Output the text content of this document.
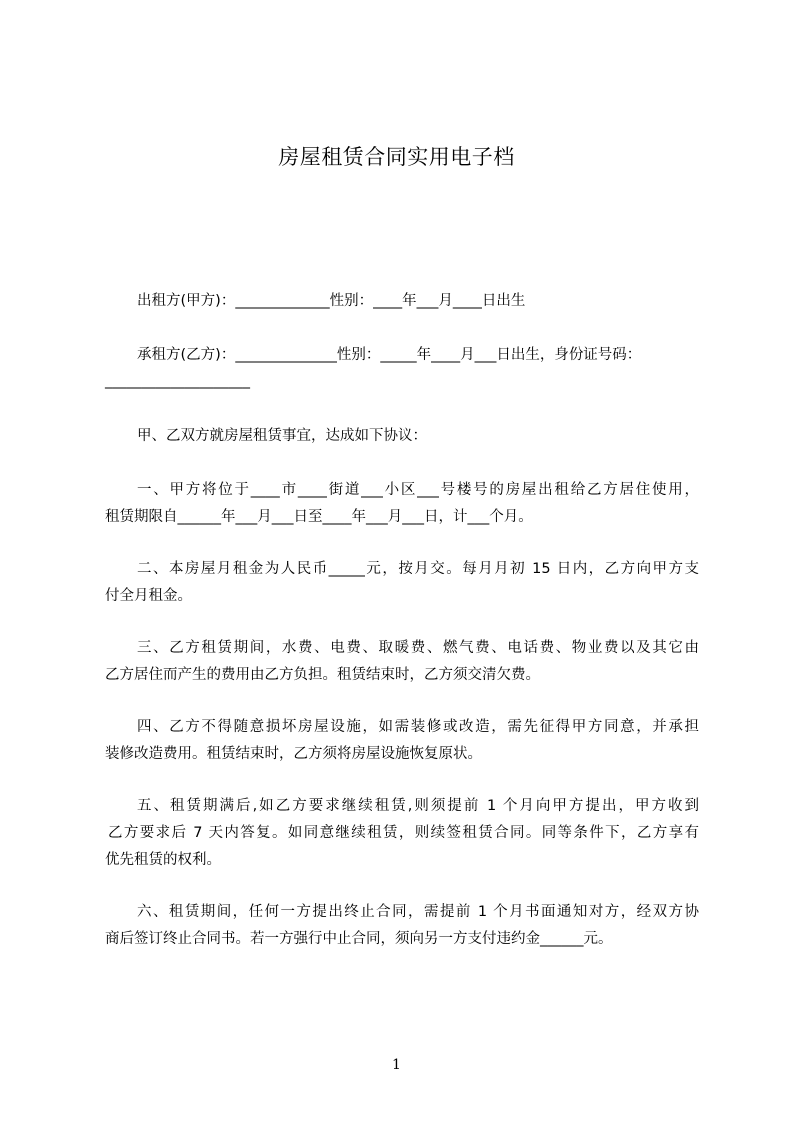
房屋租赁合同实用电子档
出租方(甲方)：_____________性别：____年___月____日出生
承租方(乙方)：______________性别：_____年____月___日出生，身份证号码：
____________________
甲、乙双方就房屋租赁事宜，达成如下协议：
一、甲方将位于____市____街道___小区___号楼号的房屋出租给乙方居住使用，
租赁期限自______年___月___日至____年___月___日，计___个月。
二、本房屋月租金为人民币_____元，按月交。每月月初 15 日内，乙方向甲方支
付全月租金。
三、乙方租赁期间，水费、电费、取暖费、燃气费、电话费、物业费以及其它由
乙方居住而产生的费用由乙方负担。租赁结束时，乙方须交清欠费。
四、乙方不得随意损坏房屋设施，如需装修或改造，需先征得甲方同意，并承担
装修改造费用。租赁结束时，乙方须将房屋设施恢复原状。
五、租赁期满后,如乙方要求继续租赁,则须提前 1 个月向甲方提出，甲方收到
乙方要求后 7 天内答复。如同意继续租赁，则续签租赁合同。同等条件下，乙方享有
优先租赁的权利。
六、租赁期间，任何一方提出终止合同，需提前 1 个月书面通知对方，经双方协
商后签订终止合同书。若一方强行中止合同，须向另一方支付违约金______元。
1
